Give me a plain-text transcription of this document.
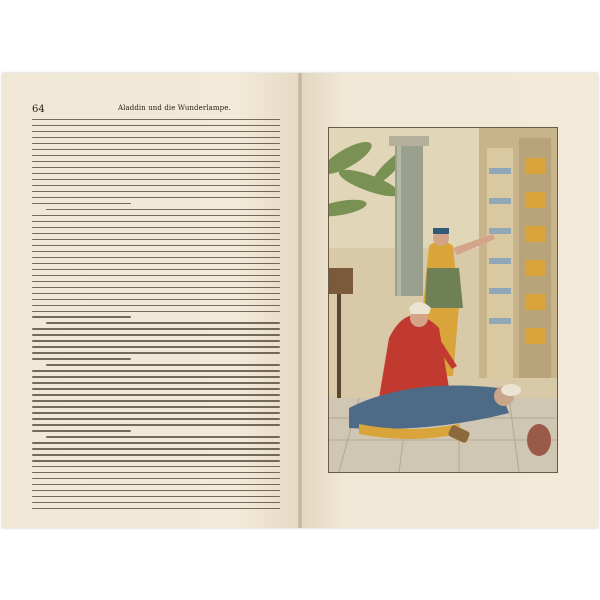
64	Aladdin und die Wunderlampe.
